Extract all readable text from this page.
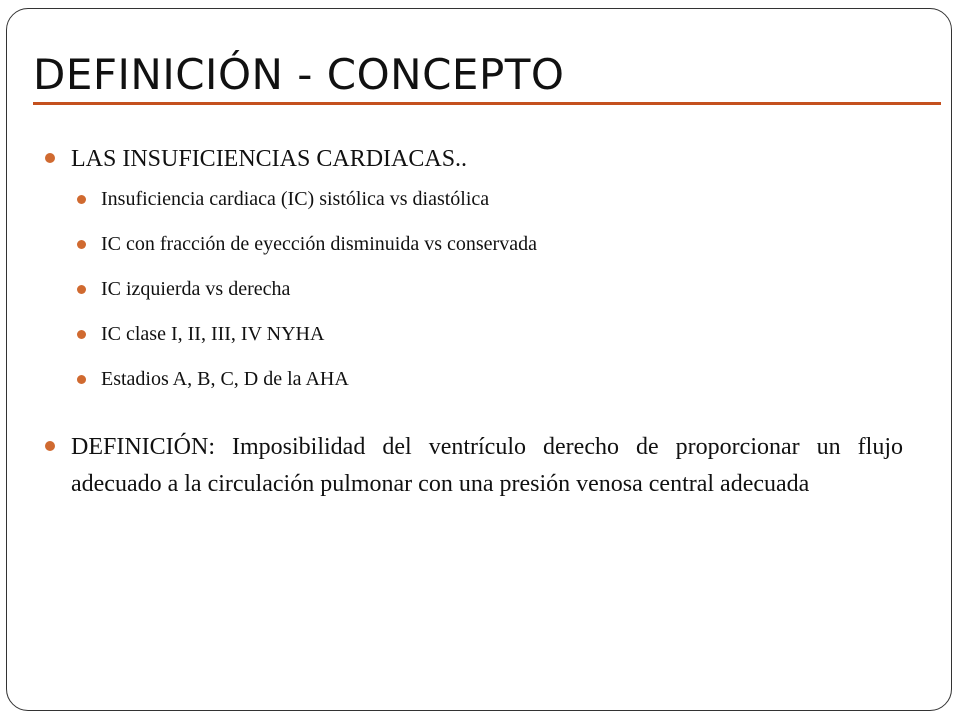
DEFINICIÓN - CONCEPTO
LAS INSUFICIENCIAS CARDIACAS..
Insuficiencia cardiaca (IC) sistólica vs diastólica
IC con fracción de eyección disminuida vs conservada
IC izquierda vs derecha
IC clase I, II, III, IV NYHA
Estadios A, B, C, D de la AHA
DEFINICIÓN: Imposibilidad del ventrículo derecho de proporcionar un flujo adecuado a la circulación pulmonar con una presión venosa central adecuada
